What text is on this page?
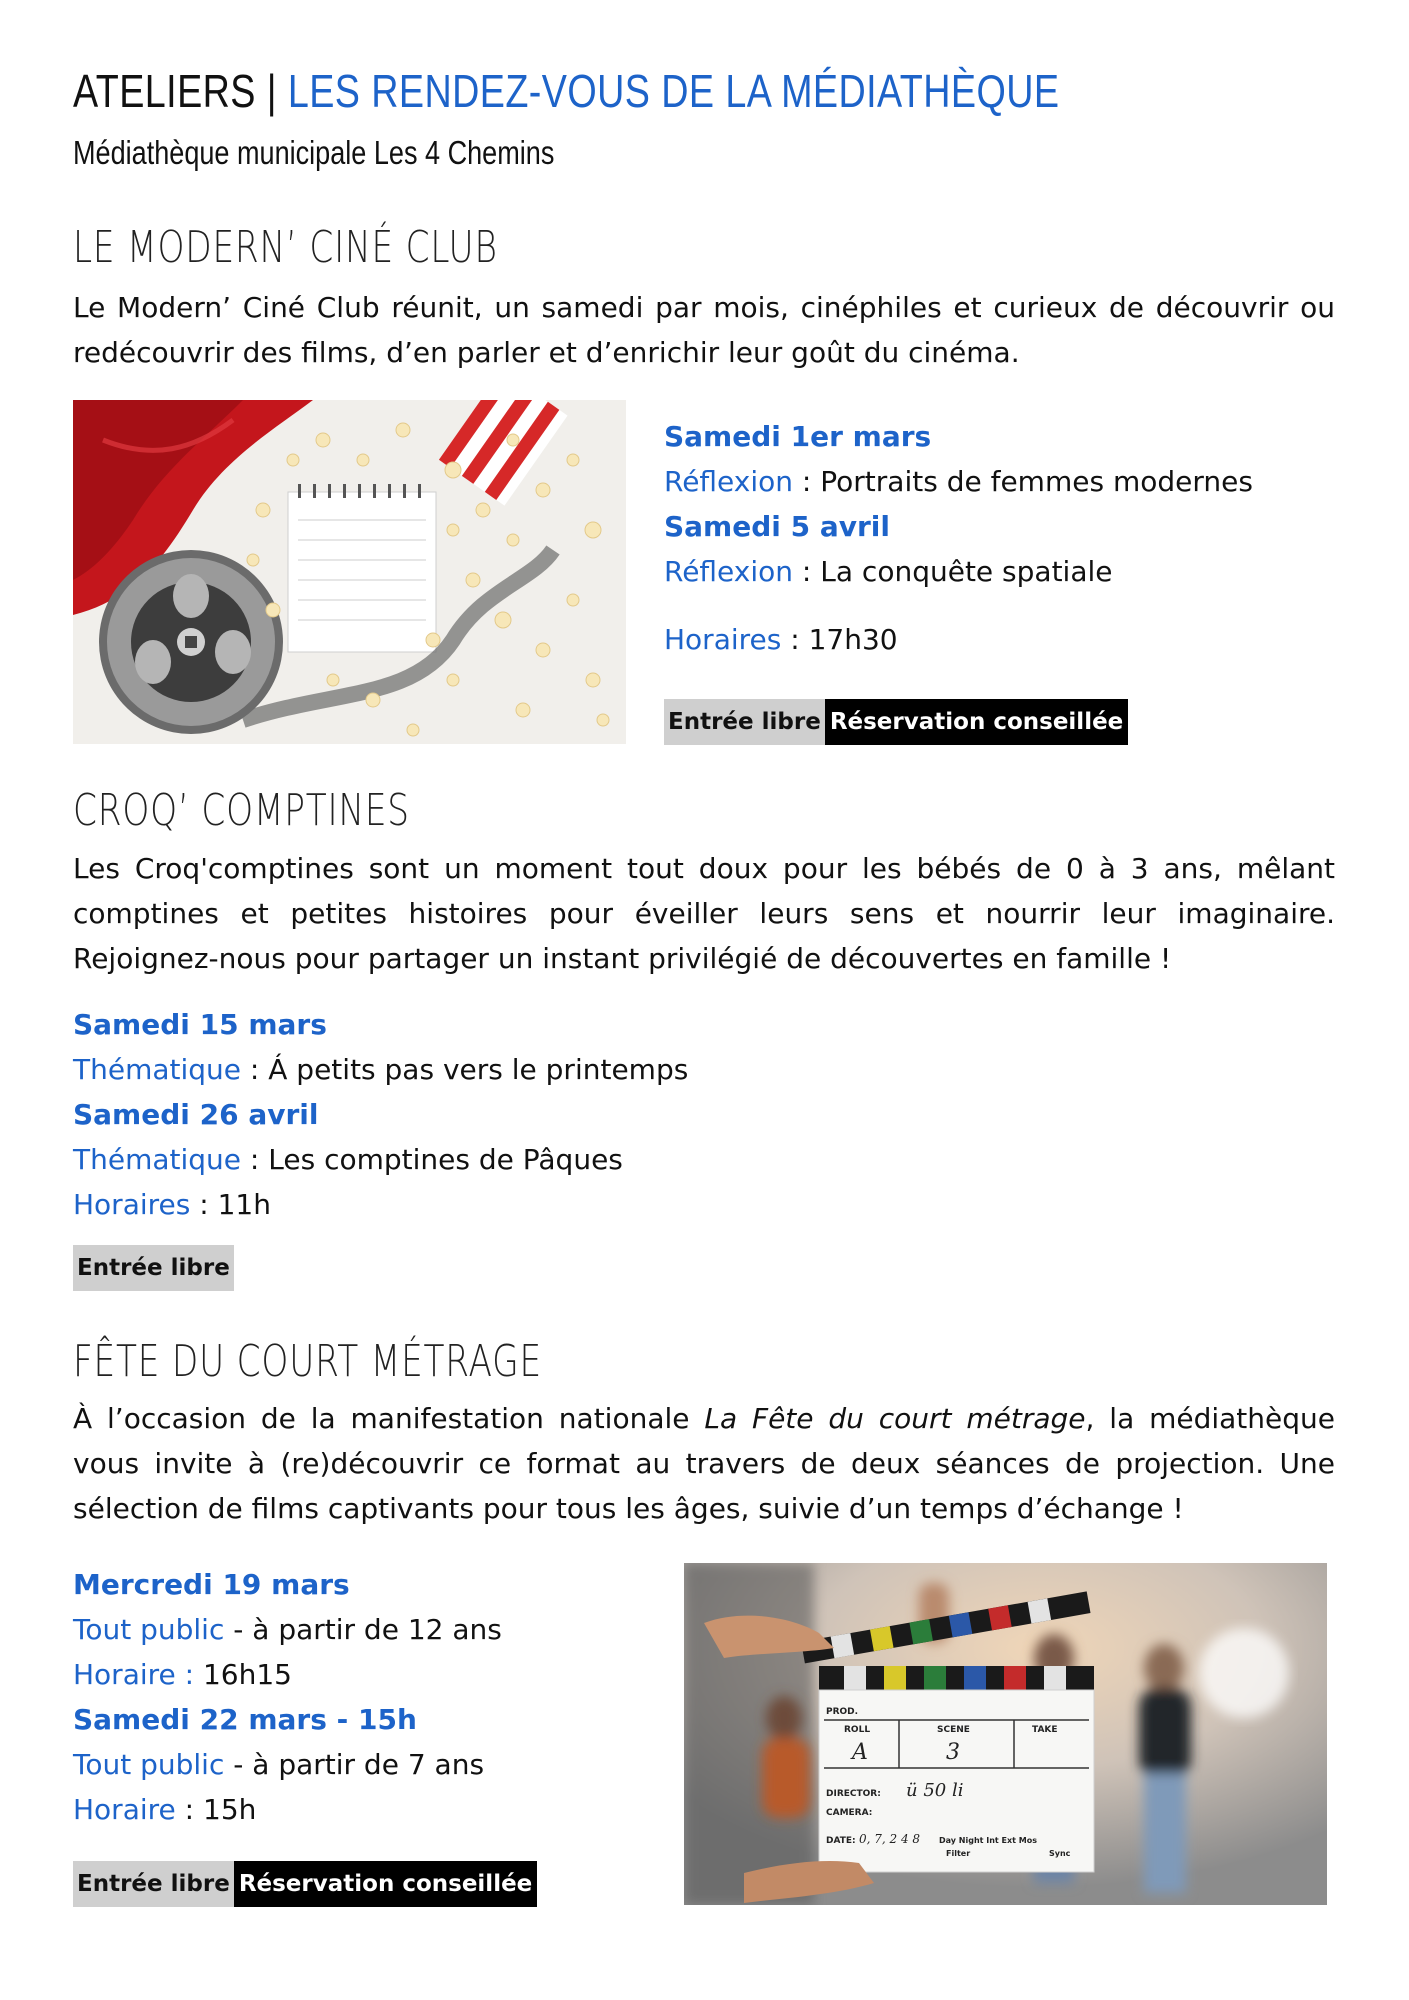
ATELIERS | LES RENDEZ-VOUS DE LA MÉDIATHÈQUE
Médiathèque municipale Les 4 Chemins
LE MODERN’ CINÉ CLUB
Le Modern’ Ciné Club réunit, un samedi par mois, cinéphiles et curieux de découvrir ou redécouvrir des films, d’en parler et d’enrichir leur goût du cinéma.
Samedi 1er mars
Réflexion : Portraits de femmes modernes
Samedi 5 avril
Réflexion : La conquête spatiale
Horaires : 17h30
Entrée libre Réservation conseillée
CROQ’ COMPTINES
Les Croq'comptines sont un moment tout doux pour les bébés de 0 à 3 ans, mêlant comptines et petites histoires pour éveiller leurs sens et nourrir leur imaginaire. Rejoignez-nous pour partager un instant privilégié de découvertes en famille !
Samedi 15 mars
Thématique : Á petits pas vers le printemps
Samedi 26 avril
Thématique : Les comptines de Pâques
Horaires : 11h
Entrée libre
FÊTE DU COURT MÉTRAGE
À l’occasion de la manifestation nationale La Fête du court métrage, la médiathèque vous invite à (re)découvrir ce format au travers de deux séances de projection. Une sélection de films captivants pour tous les âges, suivie d’un temps d’échange !
Mercredi 19 mars
Tout public - à partir de 12 ans
Horaire : 16h15
Samedi 22 mars - 15h
Tout public - à partir de 7 ans
Horaire : 15h
Entrée libre Réservation conseillée
PROD.
ROLL	SCENE	TAKE
A	3
DIRECTOR: ü 50 li
CAMERA:
DATE: 0, 7, 2 4 8 Day Night Int Ext Mos
Filter	Sync
